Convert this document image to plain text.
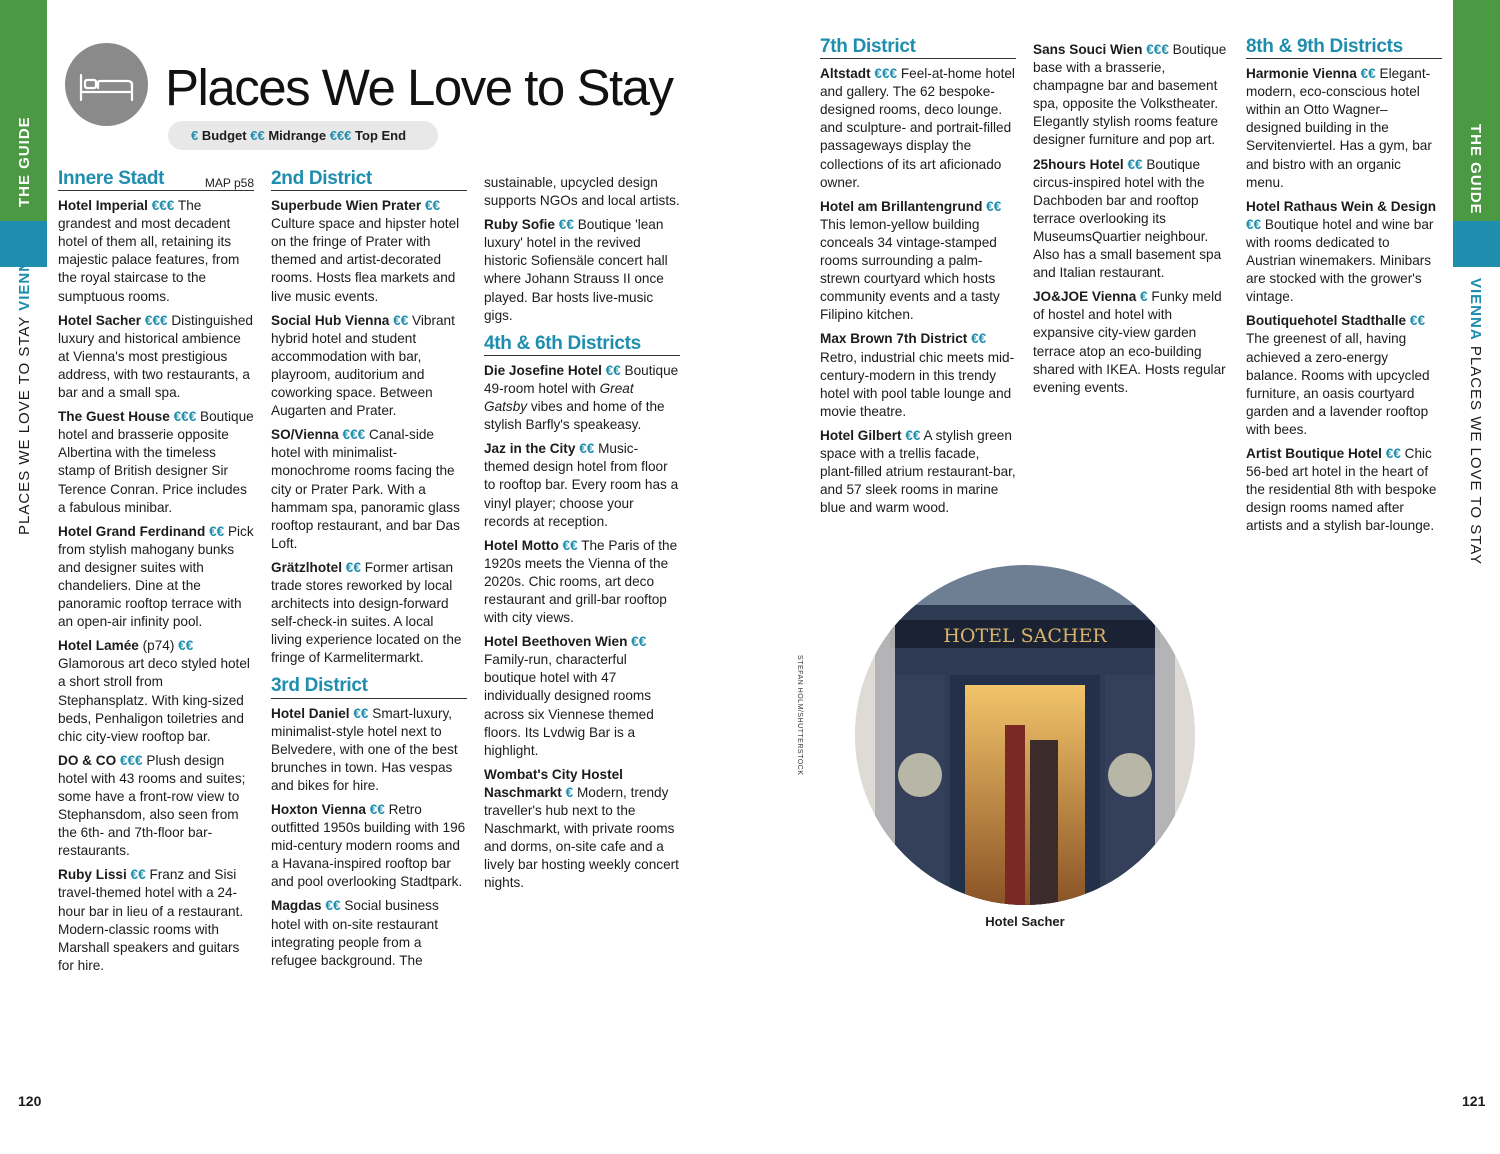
THE GUIDE
PLACES WE LOVE TO STAY VIENNA
THE GUIDE
VIENNA PLACES WE LOVE TO STAY
120	121
Places We Love to Stay
€ Budget €€ Midrange €€€ Top End
Innere Stadt	MAP p58

Hotel Imperial €€€ The grandest and most decadent hotel of them all, retaining its majestic palace features, from the royal staircase to the sumptuous rooms.

Hotel Sacher €€€ Distinguished luxury and historical ambience at Vienna's most prestigious address, with two restaurants, a bar and a small spa.

The Guest House €€€ Boutique hotel and brasserie opposite Albertina with the timeless stamp of British designer Sir Terence Conran. Price includes a fabulous minibar.

Hotel Grand Ferdinand €€ Pick from stylish mahogany bunks and designer suites with chandeliers. Dine at the panoramic rooftop terrace with an open-air infinity pool.

Hotel Lamée (p74) €€ Glamorous art deco styled hotel a short stroll from Stephansplatz. With king-sized beds, Penhaligon toiletries and chic city-view rooftop bar.

DO & CO €€€ Plush design hotel with 43 rooms and suites; some have a front-row view to Stephansdom, also seen from the 6th- and 7th-floor bar-restaurants.

Ruby Lissi €€ Franz and Sisi travel-themed hotel with a 24-hour bar in lieu of a restaurant. Modern-classic rooms with Marshall speakers and guitars for hire.

2nd District

Superbude Wien Prater €€ Culture space and hipster hotel on the fringe of Prater with themed and artist-decorated rooms. Hosts flea markets and live music events.

Social Hub Vienna €€ Vibrant hybrid hotel and student accommodation with bar, playroom, auditorium and coworking space. Between Augarten and Prater.

SO/Vienna €€€ Canal-side hotel with minimalist-monochrome rooms facing the city or Prater Park. With a hammam spa, panoramic glass rooftop restaurant, and bar Das Loft.

Grätzlhotel €€ Former artisan trade stores reworked by local architects into design-forward self-check-in suites. A local living experience located on the fringe of Karmelitermarkt.

3rd District

Hotel Daniel €€ Smart-luxury, minimalist-style hotel next to Belvedere, with one of the best brunches in town. Has vespas and bikes for hire.

Hoxton Vienna €€ Retro outfitted 1950s building with 196 mid-century modern rooms and a Havana-inspired rooftop bar and pool overlooking Stadtpark.

Magdas €€ Social business hotel with on-site restaurant integrating people from a refugee background. The

sustainable, upcycled design supports NGOs and local artists.

Ruby Sofie €€ Boutique 'lean luxury' hotel in the revived historic Sofiensäle concert hall where Johann Strauss II once played. Bar hosts live-music gigs.

4th & 6th Districts

Die Josefine Hotel €€ Boutique 49-room hotel with Great Gatsby vibes and home of the stylish Barfly's speakeasy.

Jaz in the City €€ Music-themed design hotel from floor to rooftop bar. Every room has a vinyl player; choose your records at reception.

Hotel Motto €€ The Paris of the 1920s meets the Vienna of the 2020s. Chic rooms, art deco restaurant and grill-bar rooftop with city views.

Hotel Beethoven Wien €€ Family-run, characterful boutique hotel with 47 individually designed rooms across six Viennese themed floors. Its Lvdwig Bar is a highlight.

Wombat's City Hostel Naschmarkt € Modern, trendy traveller's hub next to the Naschmarkt, with private rooms and dorms, on-site cafe and a lively bar hosting weekly concert nights.

7th District

Altstadt €€€ Feel-at-home hotel and gallery. The 62 bespoke-designed rooms, deco lounge. and sculpture- and portrait-filled passageways display the collections of its art aficionado owner.

Hotel am Brillantengrund €€ This lemon-yellow building conceals 34 vintage-stamped rooms surrounding a palm-strewn courtyard which hosts community events and a tasty Filipino kitchen.

Max Brown 7th District €€ Retro, industrial chic meets mid-century-modern in this trendy hotel with pool table lounge and movie theatre.

Hotel Gilbert €€ A stylish green space with a trellis facade, plant-filled atrium restaurant-bar, and 57 sleek rooms in marine blue and warm wood.

Sans Souci Wien €€€ Boutique base with a brasserie, champagne bar and basement spa, opposite the Volkstheater. Elegantly stylish rooms feature designer furniture and pop art.

25hours Hotel €€ Boutique circus-inspired hotel with the Dachboden bar and rooftop terrace overlooking its MuseumsQuartier neighbour. Also has a small basement spa and Italian restaurant.

JO&JOE Vienna € Funky meld of hostel and hotel with expansive city-view garden terrace atop an eco-building shared with IKEA. Hosts regular evening events.

8th & 9th Districts

Harmonie Vienna €€ Elegant-modern, eco-conscious hotel within an Otto Wagner–designed building in the Servitenviertel. Has a gym, bar and bistro with an organic menu.

Hotel Rathaus Wein & Design €€ Boutique hotel and wine bar with rooms dedicated to Austrian winemakers. Minibars are stocked with the grower's vintage.

Boutiquehotel Stadthalle €€ The greenest of all, having achieved a zero-energy balance. Rooms with upcycled furniture, an oasis courtyard garden and a lavender rooftop with bees.

Artist Boutique Hotel €€ Chic 56-bed art hotel in the heart of the residential 8th with bespoke design rooms named after artists and a stylish bar-lounge.

STEFAN HOLM/SHUTTERSTOCK
HOTEL SACHER
Hotel Sacher
